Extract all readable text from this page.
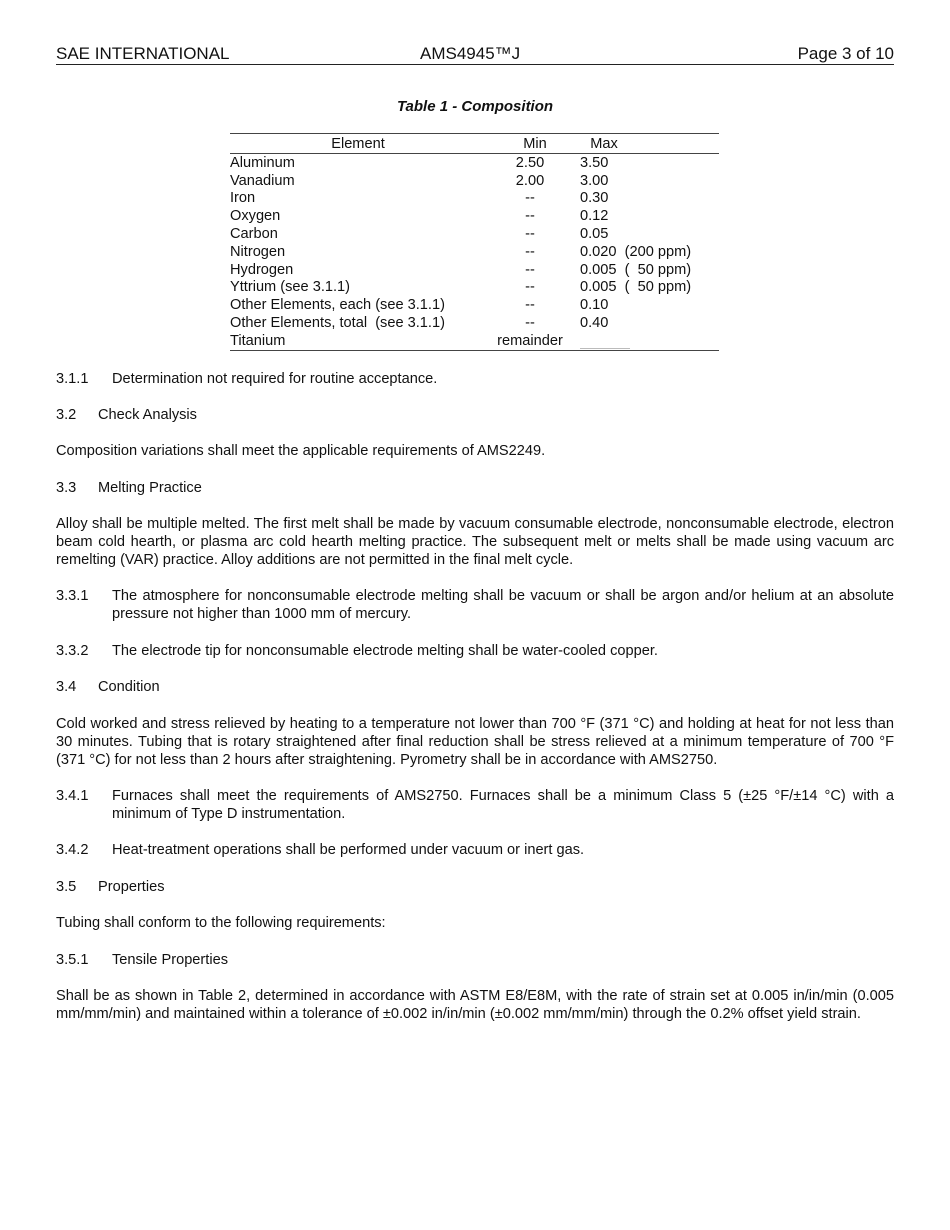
SAE INTERNATIONAL	AMS4945™J	Page 3 of 10
Table 1 - Composition
Element	Min	Max
Aluminum	2.50	3.50
Vanadium	2.00	3.00
Iron	--	0.30
Oxygen	--	0.12
Carbon	--	0.05
Nitrogen	--	0.020  (200 ppm)
Hydrogen	--	0.005  (  50 ppm)
Yttrium (see 3.1.1)	--	0.005  (  50 ppm)
Other Elements, each (see 3.1.1)	--	0.10
Other Elements, total  (see 3.1.1)	--	0.40
Titanium	remainder
3.1.1 Determination not required for routine acceptance.
3.2 Check Analysis
Composition variations shall meet the applicable requirements of AMS2249.
3.3 Melting Practice
Alloy shall be multiple melted. The first melt shall be made by vacuum consumable electrode, nonconsumable electrode, electron beam cold hearth, or plasma arc cold hearth melting practice. The subsequent melt or melts shall be made using vacuum arc remelting (VAR) practice. Alloy additions are not permitted in the final melt cycle.
3.3.1 The atmosphere for nonconsumable electrode melting shall be vacuum or shall be argon and/or helium at an absolute pressure not higher than 1000 mm of mercury.
3.3.2 The electrode tip for nonconsumable electrode melting shall be water-cooled copper.
3.4 Condition
Cold worked and stress relieved by heating to a temperature not lower than 700 °F (371 °C) and holding at heat for not less than 30 minutes. Tubing that is rotary straightened after final reduction shall be stress relieved at a minimum temperature of 700 °F (371 °C) for not less than 2 hours after straightening. Pyrometry shall be in accordance with AMS2750.
3.4.1 Furnaces shall meet the requirements of AMS2750. Furnaces shall be a minimum Class 5 (±25 °F/±14 °C) with a minimum of Type D instrumentation.
3.4.2 Heat-treatment operations shall be performed under vacuum or inert gas.
3.5 Properties
Tubing shall conform to the following requirements:
3.5.1 Tensile Properties
Shall be as shown in Table 2, determined in accordance with ASTM E8/E8M, with the rate of strain set at 0.005 in/in/min (0.005 mm/mm/min) and maintained within a tolerance of ±0.002 in/in/min (±0.002 mm/mm/min) through the 0.2% offset yield strain.
